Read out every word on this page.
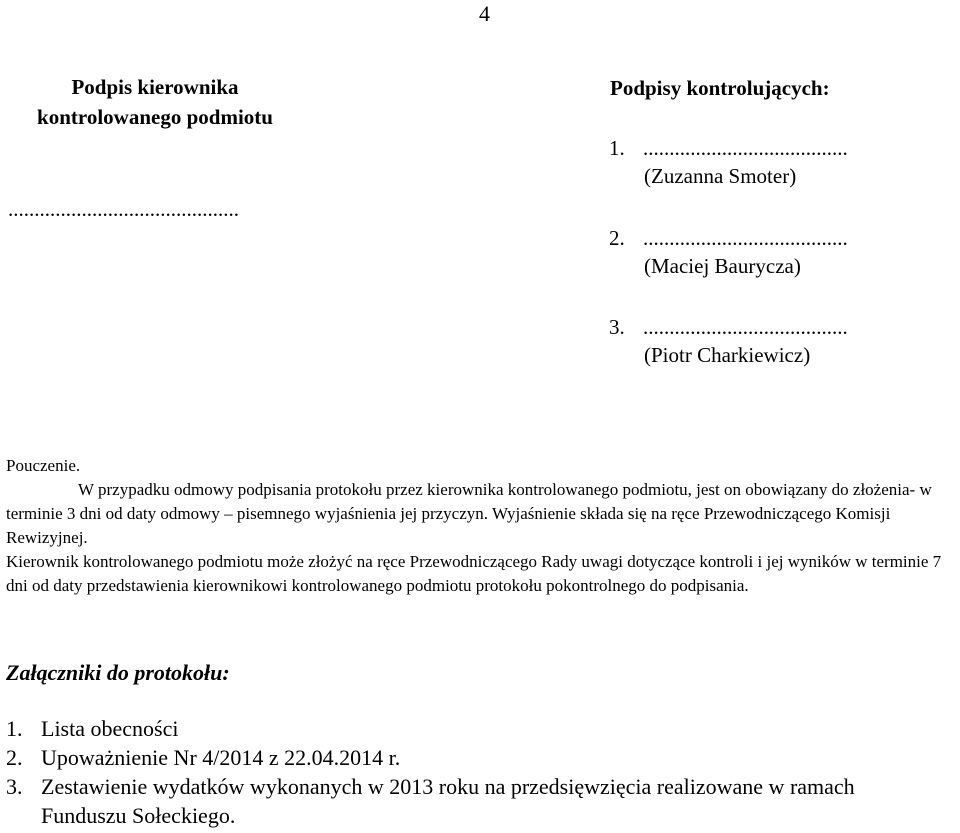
4
Podpis kierownika
kontrolowanego podmiotu
............................................
Podpisy kontrolujących:
1. .......................................
(Zuzanna Smoter)
2. .......................................
(Maciej Baurycza)
3. .......................................
(Piotr Charkiewicz)
Pouczenie.
W przypadku odmowy podpisania protokołu przez kierownika kontrolowanego podmiotu, jest on obowiązany do złożenia- w terminie 3 dni od daty odmowy – pisemnego wyjaśnienia jej przyczyn. Wyjaśnienie składa się na ręce Przewodniczącego Komisji Rewizyjnej.
Kierownik kontrolowanego podmiotu może złożyć na ręce Przewodniczącego Rady uwagi dotyczące kontroli i jej wyników w terminie 7 dni od daty przedstawienia kierownikowi kontrolowanego podmiotu protokołu pokontrolnego do podpisania.
Załączniki do protokołu:
1. Lista obecności
2. Upoważnienie Nr 4/2014 z 22.04.2014 r.
3. Zestawienie wydatków wykonanych w 2013 roku na przedsięwzięcia realizowane w ramach Funduszu Sołeckiego.
